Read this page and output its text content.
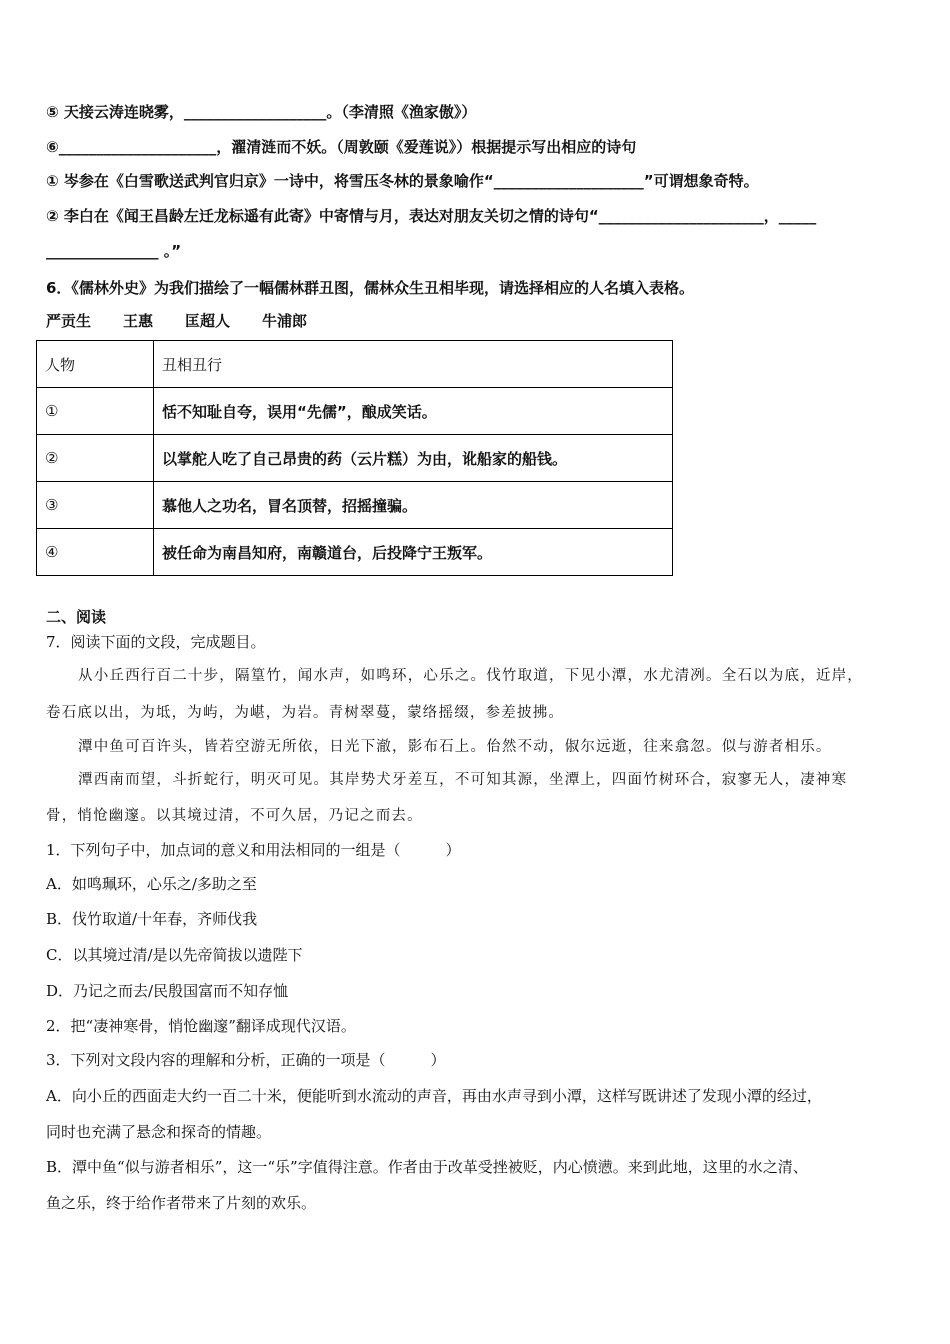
⑤ 天接云涛连晓雾，___________________。（李清照《渔家傲》）
⑥_____________________，濯清涟而不妖。（周敦颐《爱莲说》）根据提示写出相应的诗句
① 岑参在《白雪歌送武判官归京》一诗中，将雪压冬林的景象喻作“____________________”可谓想象奇特。
② 李白在《闻王昌龄左迁龙标遥有此寄》中寄情与月，表达对朋友关切之情的诗句“______________________，_____
_______________ 。”
6．《儒林外史》为我们描绘了一幅儒林群丑图，儒林众生丑相毕现，请选择相应的人名填入表格。
严贡生 王惠 匡超人 牛浦郎
人物	丑相丑行
①	恬不知耻自夸，误用“先儒”，酿成笑话。
②	以掌舵人吃了自己昂贵的药（云片糕）为由，讹船家的船钱。
③	慕他人之功名，冒名顶替，招摇撞骗。
④	被任命为南昌知府，南赣道台，后投降宁王叛军。
二、阅读
7．阅读下面的文段，完成题目。
从小丘西行百二十步，隔篁竹，闻水声，如鸣环，心乐之。伐竹取道，下见小潭，水尤清冽。全石以为底，近岸，
卷石底以出，为坻，为屿，为嵁，为岩。青树翠蔓，蒙络摇缀，参差披拂。
潭中鱼可百许头，皆若空游无所依，日光下澈，影布石上。佁然不动，俶尔远逝，往来翕忽。似与游者相乐。
潭西南而望，斗折蛇行，明灭可见。其岸势犬牙差互，不可知其源，坐潭上，四面竹树环合，寂寥无人，凄神寒
骨，悄怆幽邃。以其境过清，不可久居，乃记之而去。
1．下列句子中，加点词的意义和用法相同的一组是（　　　）
A．如鸣珮环，心乐之/多助之至
B．伐竹取道/十年春，齐师伐我
C．以其境过清/是以先帝简拔以遗陛下
D．乃记之而去/民殷国富而不知存恤
2．把“凄神寒骨，悄怆幽邃”翻译成现代汉语。
3．下列对文段内容的理解和分析，正确的一项是（　　　）
A．向小丘的西面走大约一百二十米，便能听到水流动的声音，再由水声寻到小潭，这样写既讲述了发现小潭的经过，
同时也充满了悬念和探奇的情趣。
B．潭中鱼“似与游者相乐”，这一“乐”字值得注意。作者由于改革受挫被贬，内心愤懑。来到此地，这里的水之清、
鱼之乐，终于给作者带来了片刻的欢乐。
